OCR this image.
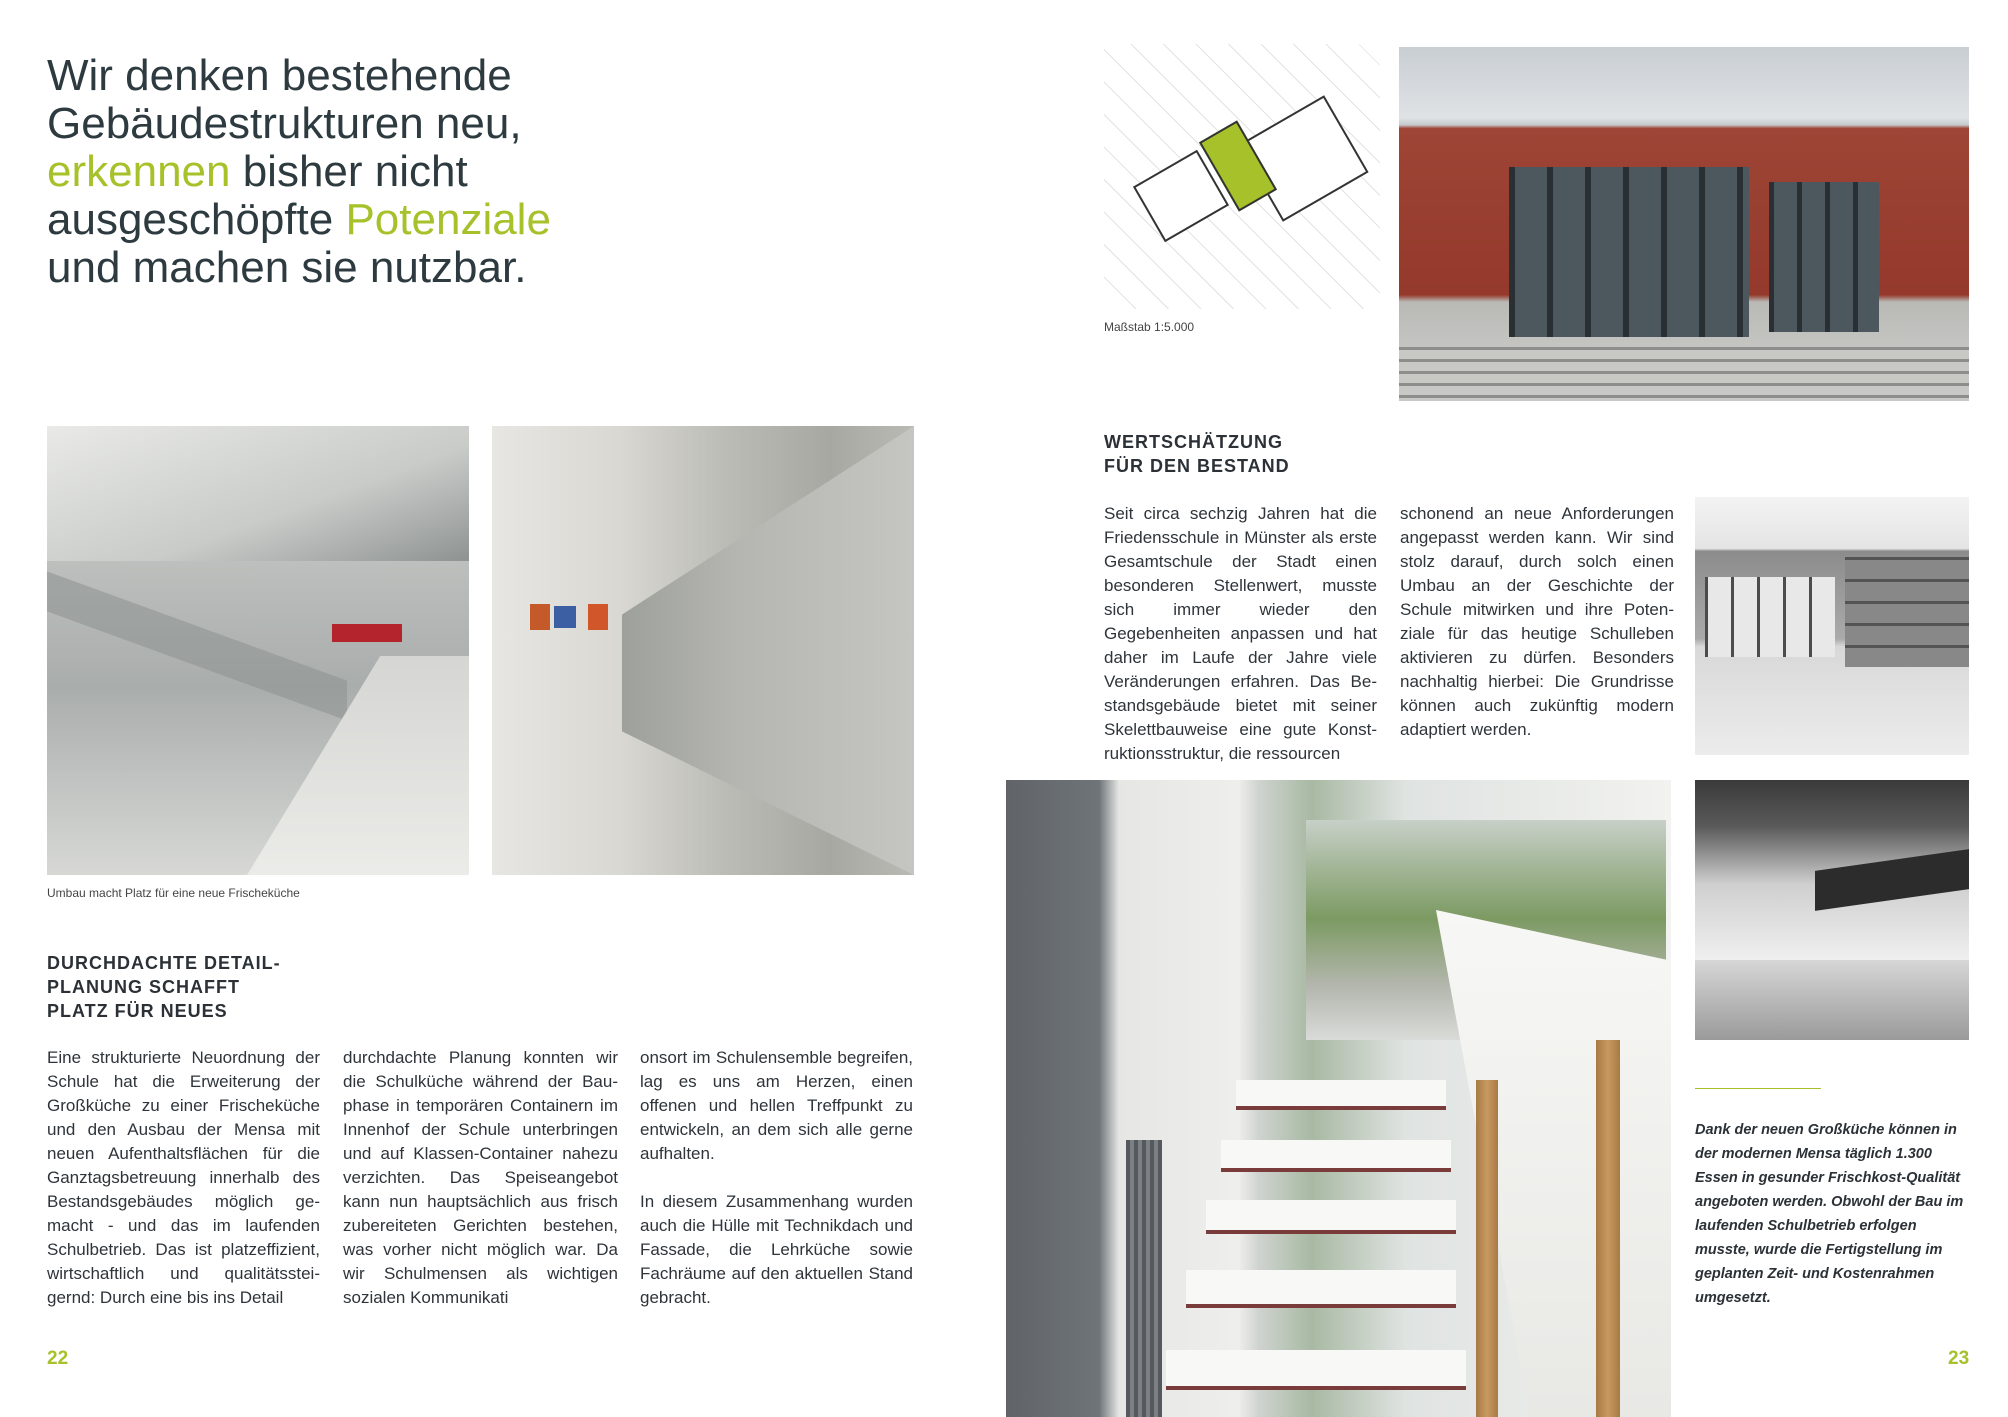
Wir denken bestehende
Gebäudestrukturen neu,
erkennen bisher nicht
ausgeschöpfte Potenziale
und machen sie nutzbar.
Umbau macht Platz für eine neue Frischeküche
DURCHDACHTE DETAIL-
PLANUNG SCHAFFT
PLATZ FÜR NEUES

Eine strukturierte Neuordnung der Schule hat die Erweiterung der Großküche zu einer Frischeküche und den Ausbau der Mensa mit neuen Aufenthaltsflächen für die Ganztagsbetreuung innerhalb des Bestandsgebäudes möglich gemacht - und das im laufenden Schulbetrieb. Das ist platzeffizient, wirtschaftlich und qualitätssteigernd: Durch eine bis ins Detail

durchdachte Planung konnten wir die Schulküche während der Bauphase in temporären Containern im Innenhof der Schule unterbringen und auf Klassen-Container nahezu verzichten. Das Speiseangebot kann nun hauptsächlich aus frisch zubereiteten Gerichten bestehen, was vorher nicht möglich war. Da wir Schulmensen als wichtigen sozialen Kommunikati

onsort im Schulensemble begreifen, lag es uns am Herzen, einen offenen und hellen Treffpunkt zu entwickeln, an dem sich alle gerne aufhalten.

In diesem Zusammenhang wurden auch die Hülle mit Technikdach und Fassade, die Lehrküche sowie Fachräume auf den aktuellen Stand gebracht.

22
Maßstab 1:5.000
WERTSCHÄTZUNG
FÜR DEN BESTAND

Seit circa sechzig Jahren hat die Friedensschule in Münster als erste Gesamtschule der Stadt einen besonderen Stellenwert, musste sich immer wieder den Gegebenheiten anpassen und hat daher im Laufe der Jahre viele Veränderungen erfahren. Das Bestandsgebäude bietet mit seiner Skelettbauweise eine gute Konstruktionsstruktur, die ressourcen

schonend an neue Anforderungen angepasst werden kann. Wir sind stolz darauf, durch solch einen Umbau an der Geschichte der Schule mitwirken und ihre Potenziale für das heutige Schulleben aktivieren zu dürfen. Besonders nachhaltig hierbei: Die Grundrisse können auch zukünftig modern adaptiert werden.

Dank der neuen Großküche können in der modernen Mensa täglich 1.300 Essen in gesunder Frischkost-Qualität angeboten werden. Obwohl der Bau im laufenden Schulbetrieb erfolgen musste, wurde die Fertigstellung im geplanten Zeit- und Kostenrahmen umgesetzt.

23
